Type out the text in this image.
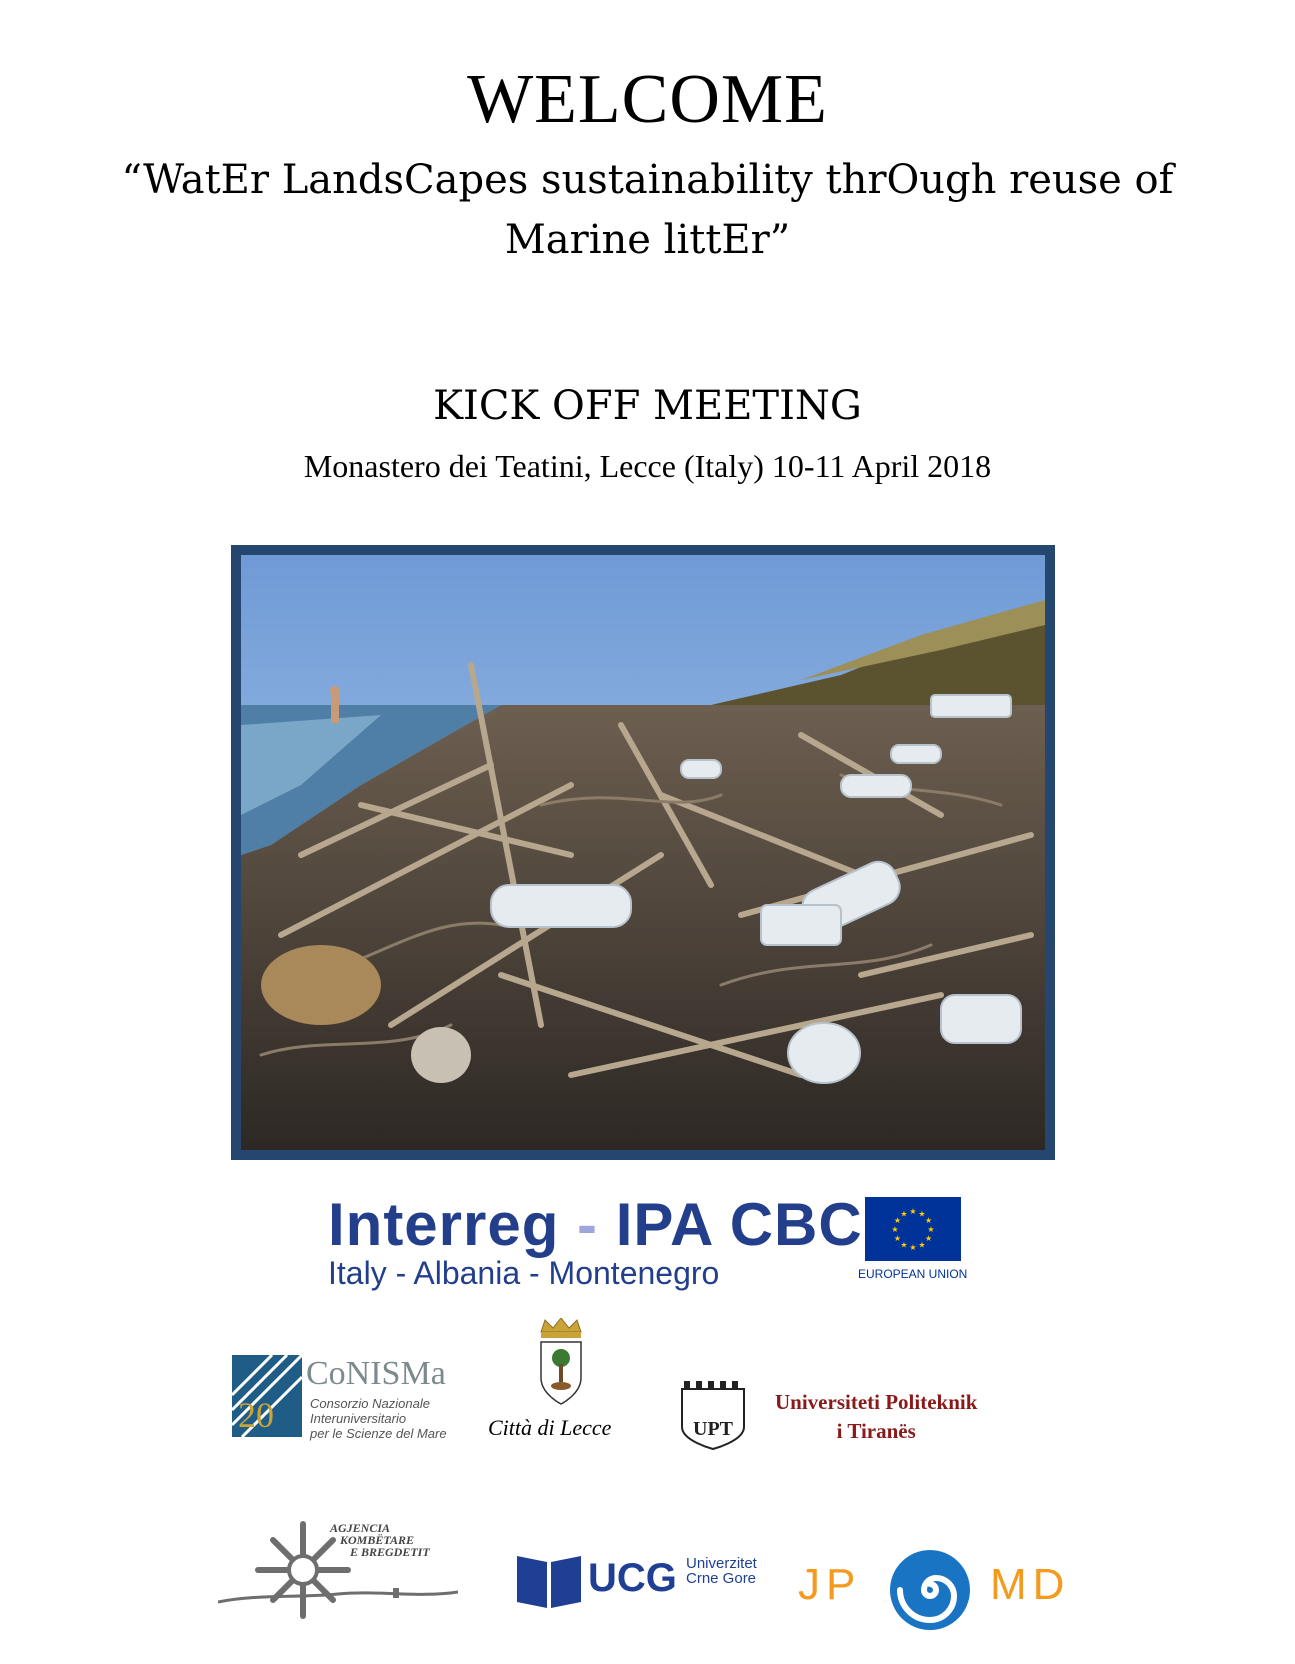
WELCOME
“WatEr LandsCapes sustainability thrOugh reuse of
Marine littEr”
KICK OFF MEETING
Monastero dei Teatini, Lecce (Italy) 10-11 April 2018
Interreg - IPA CBC
Italy - Albania - Montenegro
★ ★
★
★
★
★
★
★
★
★
★
★
EUROPEAN UNION
20
CoNISMa
Consorzio Nazionale
Interuniversitario
per le Scienze del Mare Città di Lecce	UPT
Universiteti Politeknik
i Tiranës
AGJENCIA
KOMBËTARE
E BREGDETIT
UCG Univerzitet
Crne Gore JP	MD
